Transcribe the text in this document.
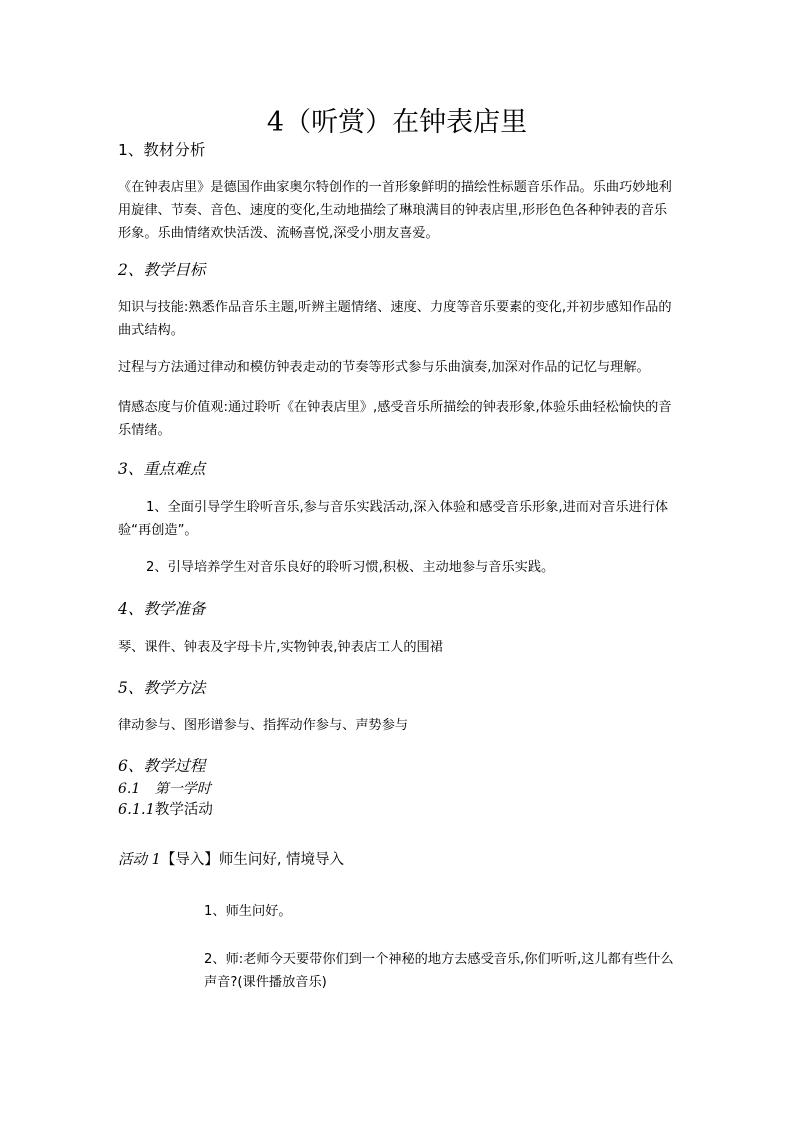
4（听赏）在钟表店里
1、教材分析
《在钟表店里》是德国作曲家奥尔特创作的一首形象鲜明的描绘性标题音乐作品。乐曲巧妙地利用旋律、节奏、音色、速度的变化,生动地描绘了琳琅满目的钟表店里,形形色色各种钟表的音乐形象。乐曲情绪欢快活泼、流畅喜悦,深受小朋友喜爱。
2、教学目标
知识与技能:熟悉作品音乐主题,听辨主题情绪、速度、力度等音乐要素的变化,并初步感知作品的曲式结构。
过程与方法通过律动和模仿钟表走动的节奏等形式参与乐曲演奏,加深对作品的记忆与理解。
情感态度与价值观:通过聆听《在钟表店里》,感受音乐所描绘的钟表形象,体验乐曲轻松愉快的音乐情绪。
3、重点难点
1、全面引导学生聆听音乐,参与音乐实践活动,深入体验和感受音乐形象,进而对音乐进行体验“再创造”。
2、引导培养学生对音乐良好的聆听习惯,积极、主动地参与音乐实践。
4、教学准备
琴、课件、钟表及字母卡片,实物钟表,钟表店工人的围裙
5、教学方法
律动参与、图形谱参与、指挥动作参与、声势参与
6、教学过程
6.1 第一学时
6.1.1教学活动
活动 1【导入】师生问好, 情境导入
1、师生问好。
2、师:老师今天要带你们到一个神秘的地方去感受音乐,你们听听,这儿都有些什么声音?(课件播放音乐)
